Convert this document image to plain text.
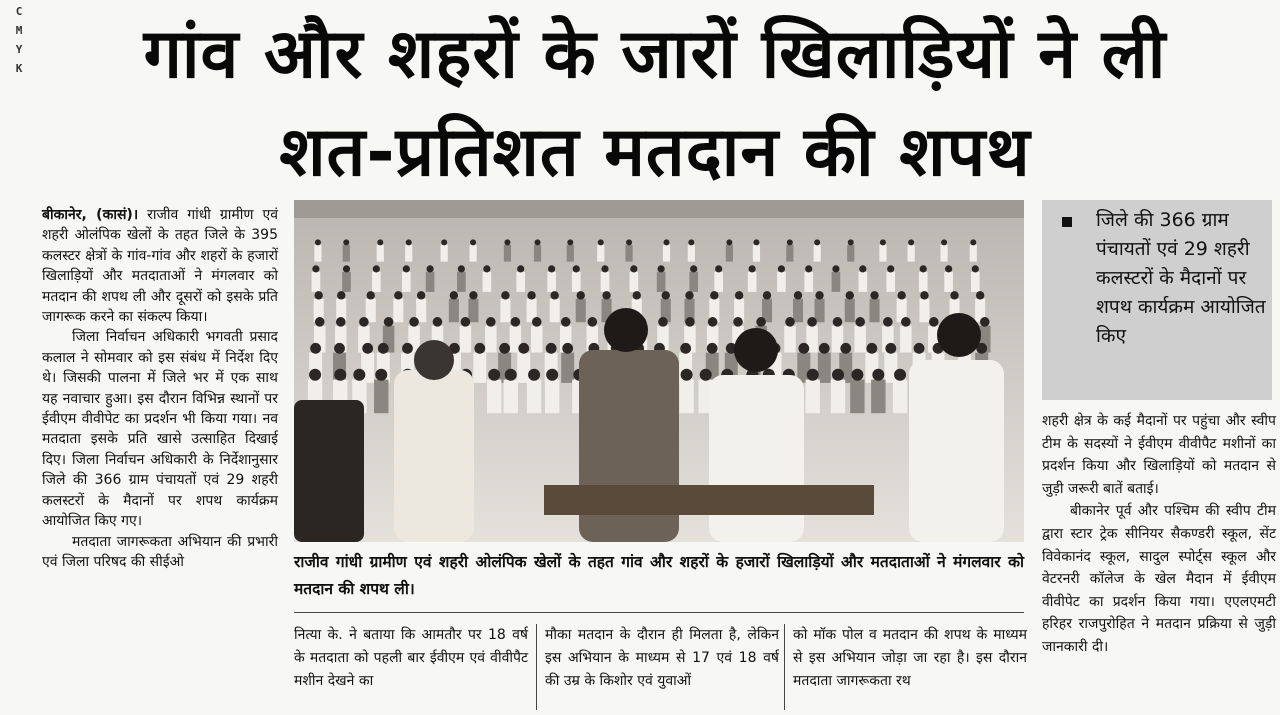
C
M
Y
K	गांव और शहरों के जारों खिलाड़ियों ने ली
शत-प्रतिशत मतदान की शपथ

बीकानेर, (कासं)। राजीव गांधी ग्रामीण एवं शहरी ओलंपिक खेलों के तहत जिले के 395 कलस्टर क्षेत्रों के गांव-गांव और शहरों के हजारों खिलाड़ियों और मतदाताओं ने मंगलवार को मतदान की शपथ ली और दूसरों को इसके प्रति जागरूक करने का संकल्प किया।

जिला निर्वाचन अधिकारी भगवती प्रसाद कलाल ने सोमवार को इस संबंध में निर्देश दिए थे। जिसकी पालना में जिले भर में एक साथ यह नवाचार हुआ। इस दौरान विभिन्न स्थानों पर ईवीएम वीवीपेट का प्रदर्शन भी किया गया। नव मतदाता इसके प्रति खासे उत्साहित दिखाई दिए। जिला निर्वाचन अधिकारी के निर्देशानुसार जिले की 366 ग्राम पंचायतों एवं 29 शहरी कलस्टरों के मैदानों पर शपथ कार्यक्रम आयोजित किए गए।

मतदाता जागरूकता अभियान की प्रभारी एवं जिला परिषद की सीईओ	राजीव गांधी ग्रामीण एवं शहरी ओलंपिक खेलों के तहत गांव और शहरों के हजारों खिलाड़ियों और मतदाताओं ने मंगलवार को मतदान की शपथ ली।
नित्या के. ने बताया कि आमतौर पर 18 वर्ष के मतदाता को पहली बार ईवीएम एवं वीवीपैट मशीन देखने का
मौका मतदान के दौरान ही मिलता है, लेकिन इस अभियान के माध्यम से 17 एवं 18 वर्ष की उम्र के किशोर एवं युवाओं
को मॉक पोल व मतदान की शपथ के माध्यम से इस अभियान जोड़ा जा रहा है। इस दौरान मतदाता जागरूकता रथ
जिले की 366 ग्राम पंचायतों एवं 29 शहरी कलस्टरों के मैदानों पर शपथ कार्यक्रम आयोजित किए

शहरी क्षेत्र के कई मैदानों पर पहुंचा और स्वीप टीम के सदस्यों ने ईवीएम वीवीपैट मशीनों का प्रदर्शन किया और खिलाड़ियों को मतदान से जुड़ी जरूरी बातें बताई।

बीकानेर पूर्व और पश्चिम की स्वीप टीम द्वारा स्टार ट्रेक सीनियर सैकण्डरी स्कूल, सेंट विवेकानंद स्कूल, सादुल स्पोर्ट्स स्कूल और वेटरनरी कॉलेज के खेल मैदान में ईवीएम वीवीपेट का प्रदर्शन किया गया। एएलएमटी हरिहर राजपुरोहित ने मतदान प्रक्रिया से जुड़ी जानकारी दी।
